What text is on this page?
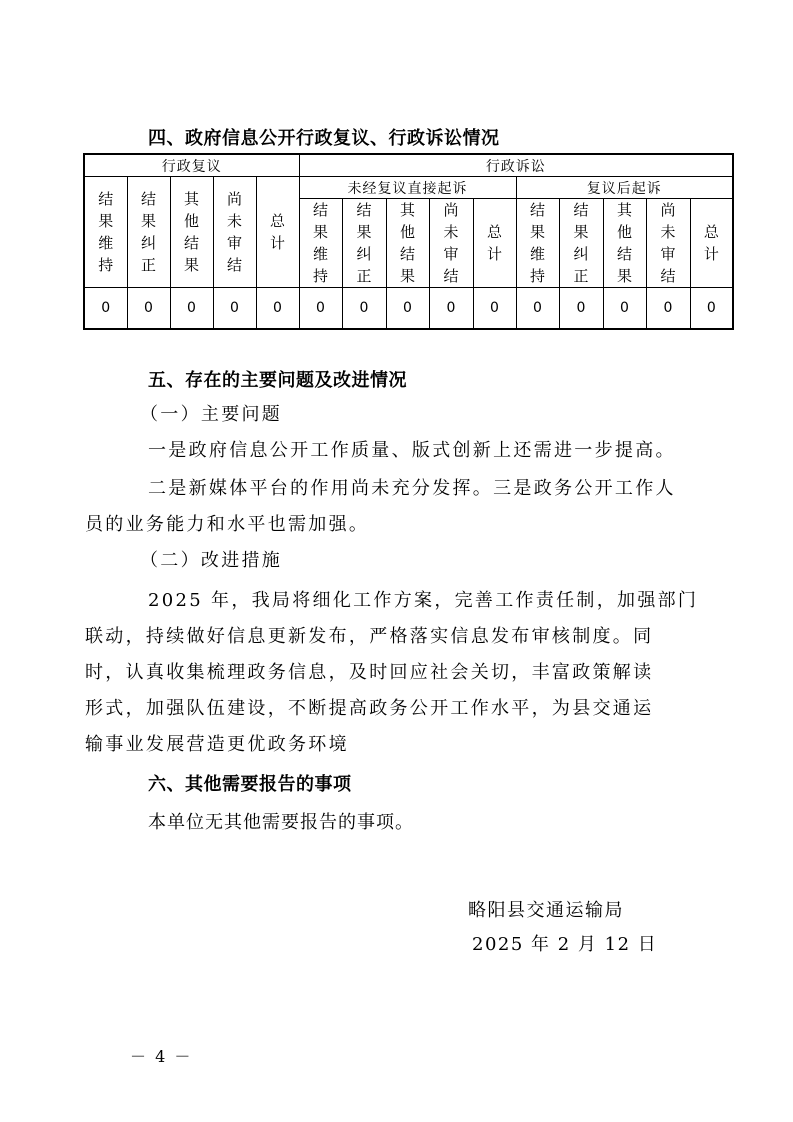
四、政府信息公开行政复议、行政诉讼情况
行政复议					行政诉讼									
结果维持	结果纠正	其他结果	尚未审结	总计	未经复议直接起诉					复议后起诉				
					结果维持	结果纠正	其他结果	尚未审结	总计	结果维持	结果纠正	其他结果	尚未审结	总计
0	0	0	0	0	0	0	0	0	0	0	0	0	0	0
五、存在的主要问题及改进情况
（一）主要问题
一是政府信息公开工作质量、版式创新上还需进一步提高。
二是新媒体平台的作用尚未充分发挥。三是政务公开工作人
员的业务能力和水平也需加强。
（二）改进措施
2025 年，我局将细化工作方案，完善工作责任制，加强部门
联动，持续做好信息更新发布，严格落实信息发布审核制度。同
时，认真收集梳理政务信息，及时回应社会关切，丰富政策解读
形式，加强队伍建设，不断提高政务公开工作水平，为县交通运
输事业发展营造更优政务环境
六、其他需要报告的事项
本单位无其他需要报告的事项。
略阳县交通运输局
2025 年 2 月 12 日
－ 4 －
